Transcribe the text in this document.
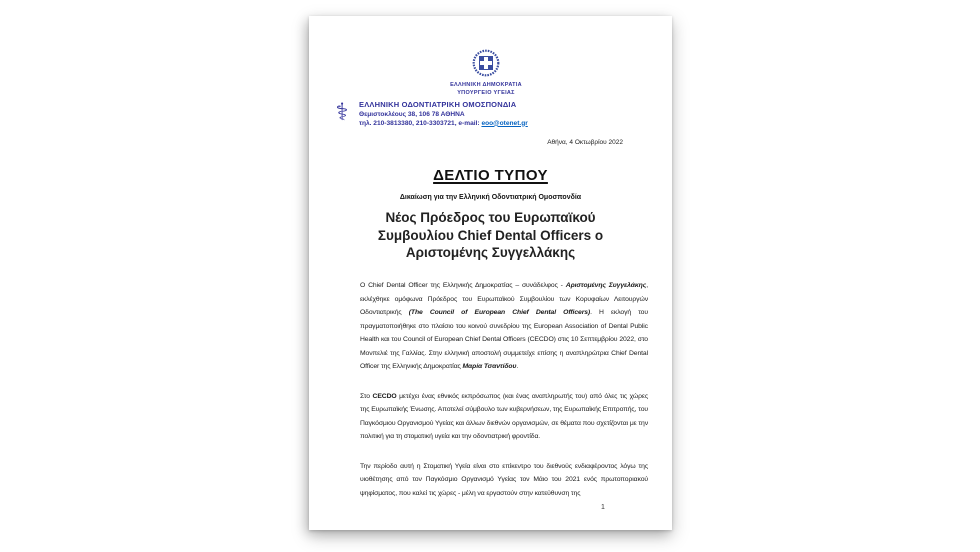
ΕΛΛΗΝΙΚΗ ΔΗΜΟΚΡΑΤΙΑ
ΥΠΟΥΡΓΕΙΟ ΥΓΕΙΑΣ
⚕	ΕΛΛΗΝΙΚΗ ΟΔΟΝΤΙΑΤΡΙΚΗ ΟΜΟΣΠΟΝΔΙΑ
Θεμιστοκλέους 38, 106 78 ΑΘΗΝΑ
τηλ. 210-3813380, 210-3303721, e-mail: eoo@otenet.gr
Αθήνα, 4 Οκτωβρίου 2022
ΔΕΛΤΙΟ ΤΥΠΟΥ
Δικαίωση για την Ελληνική Οδοντιατρική Ομοσπονδία
Νέος Πρόεδρος του Ευρωπαϊκού
Συμβουλίου Chief Dental Officers ο
Αριστομένης Συγγελλάκης

Ο Chief Dental Officer της Ελληνικής Δημοκρατίας – συνάδελφος - Αριστομένης Συγγελάκης, εκλέχθηκε ομόφωνα Πρόεδρος του Ευρωπαϊκού Συμβουλίου των Κορυφαίων Λειτουργών Οδοντιατρικής (The Council of European Chief Dental Officers). Η εκλογή του πραγματοποιήθηκε στο πλαίσιο του κοινού συνεδρίου της European Association of Dental Public Health και του Council of European Chief Dental Officers (CECDO) στις 10 Σεπτεμβρίου 2022, στο Μονπελιέ της Γαλλίας. Στην ελληνική αποστολή συμμετείχε επίσης η αναπληρώτρια Chief Dental Officer της Ελληνικής Δημοκρατίας Μαρία Τσαντίδου.

Στο CECDO μετέχει ένας εθνικός εκπρόσωπος (και ένας αναπληρωτής του) από όλες τις χώρες της Ευρωπαϊκής Ένωσης. Αποτελεί σύμβουλο των κυβερνήσεων, της Ευρωπαϊκής Επιτροπής, του Παγκόσμιου Οργανισμού Υγείας και άλλων διεθνών οργανισμών, σε θέματα που σχετίζονται με την πολιτική για τη στοματική υγεία και την οδοντιατρική φροντίδα.

Την περίοδο αυτή η Στοματική Υγεία είναι στο επίκεντρο του διεθνούς ενδιαφέροντος λόγω της υιοθέτησης από τον Παγκόσμιο Οργανισμό Υγείας τον Μάιο του 2021 ενός πρωτοποριακού ψηφίσματος, που καλεί τις χώρες - μέλη να εργαστούν στην κατεύθυνση της

1
